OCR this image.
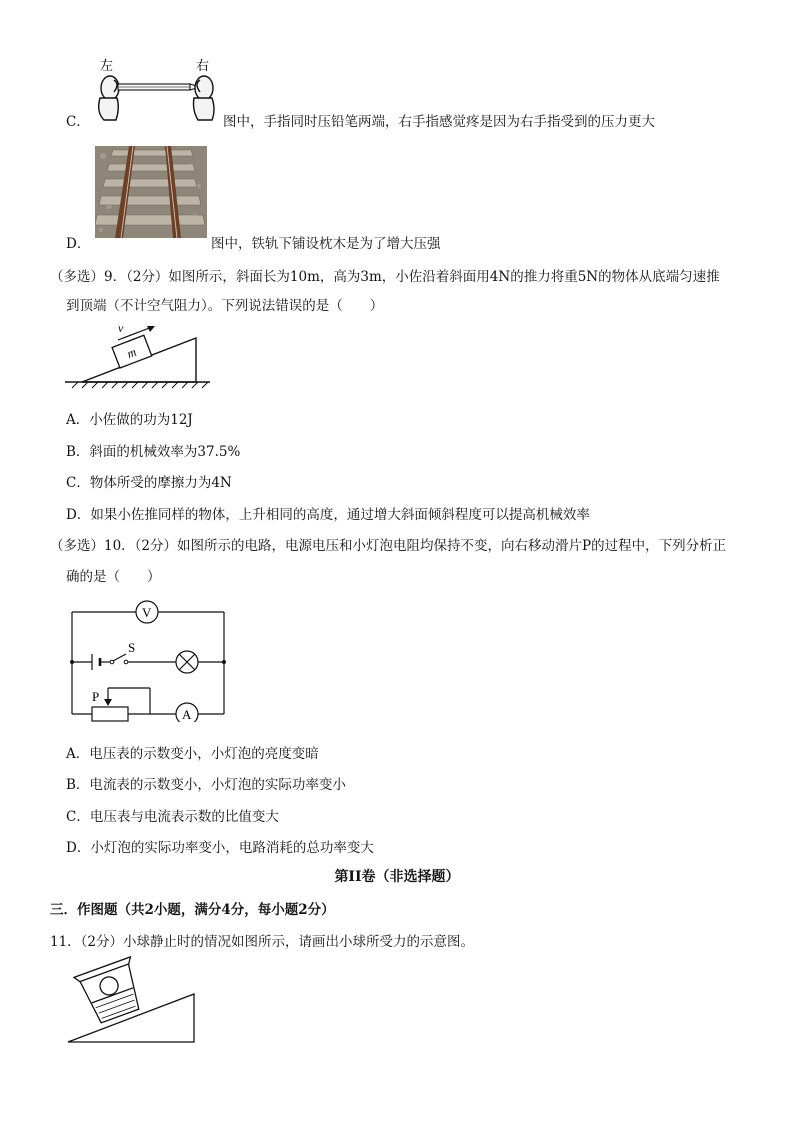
左	右
C．	图中，手指同时压铅笔两端，右手指感觉疼是因为右手指受到的压力更大
D．	图中，铁轨下铺设枕木是为了增大压强
（多选）9．（2分）如图所示，斜面长为10m，高为3m，小佐沿着斜面用4N的推力将重5N的物体从底端匀速推
到顶端（不计空气阻力）。下列说法错误的是（　　）
m
v
A．小佐做的功为12J
B．斜面的机械效率为37.5%
C．物体所受的摩擦力为4N
D．如果小佐推同样的物体，上升相同的高度，通过增大斜面倾斜程度可以提高机械效率
（多选）10．（2分）如图所示的电路，电源电压和小灯泡电阻均保持不变，向右移动滑片P的过程中，下列分析正
确的是（　　）
S
V
P
A
A．电压表的示数变小，小灯泡的亮度变暗
B．电流表的示数变小，小灯泡的实际功率变小
C．电压表与电流表示数的比值变大
D．小灯泡的实际功率变小，电路消耗的总功率变大
第II卷（非选择题）
三．作图题（共2小题，满分4分，每小题2分）
11．（2分）小球静止时的情况如图所示，请画出小球所受力的示意图。
